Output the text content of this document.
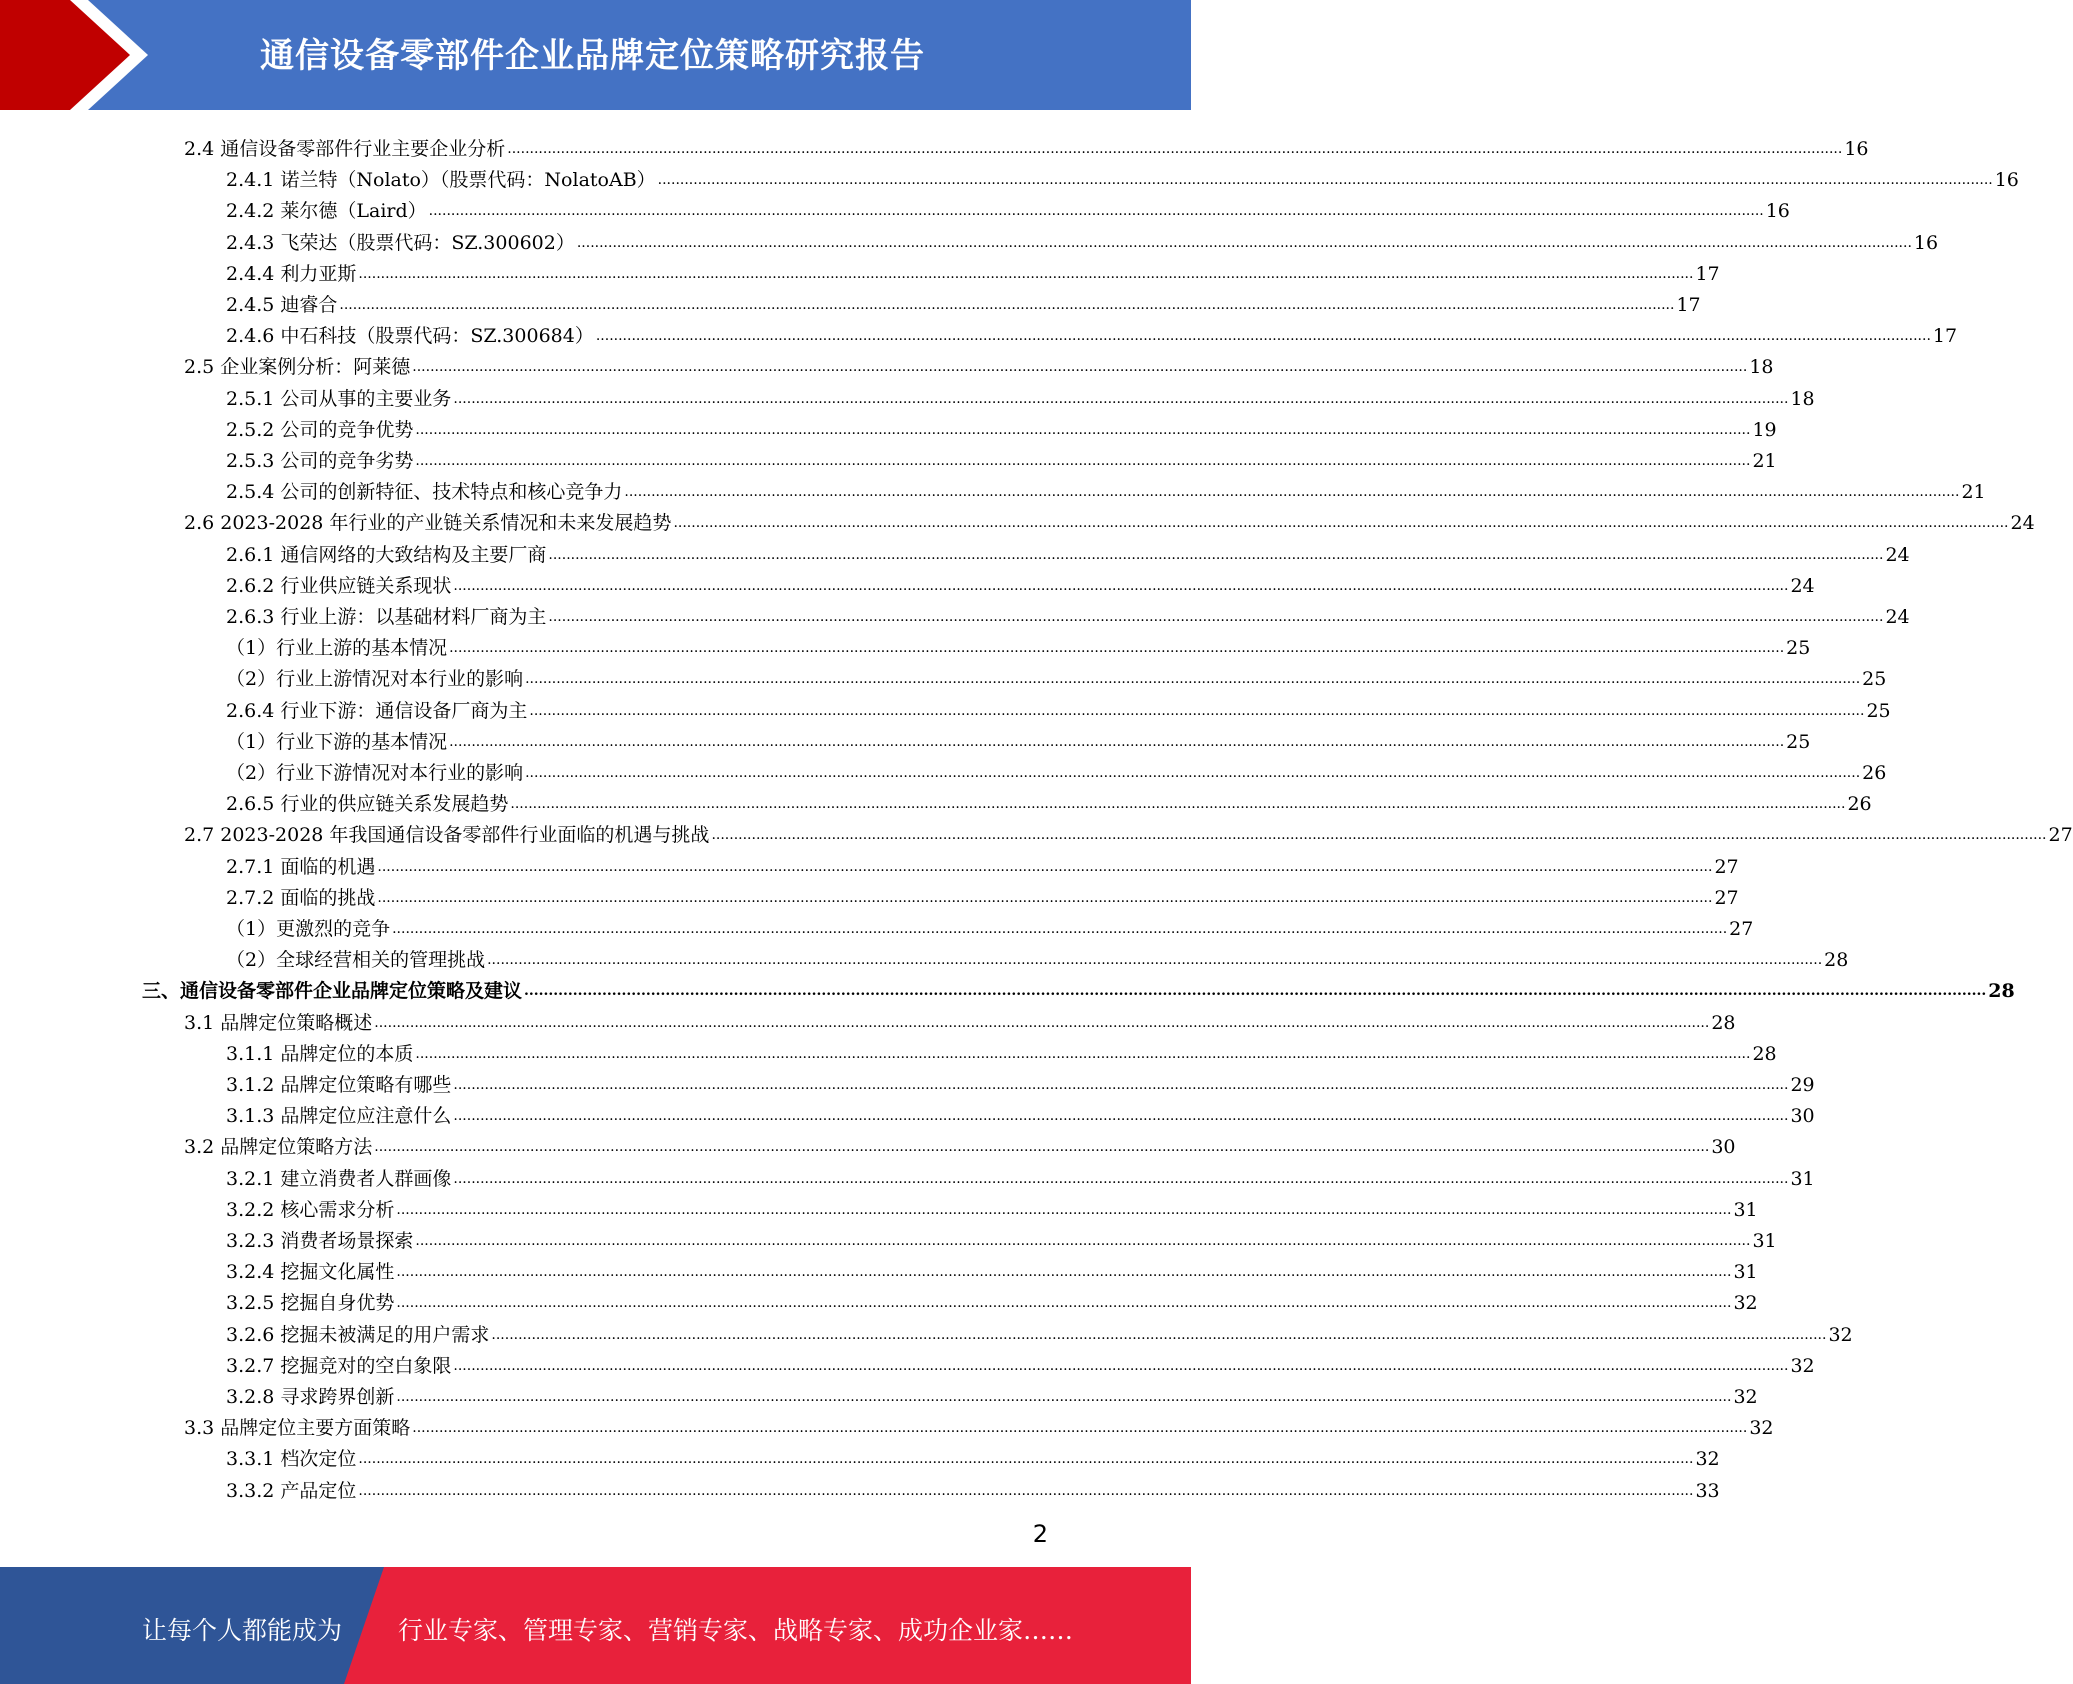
通信设备零部件企业品牌定位策略研究报告
2.4 通信设备零部件行业主要企业分析 ............................................................................................................................................................................................................................................................................................................ 16
2.4.1 诺兰特（Nolato）（股票代码：NolatoAB） ............................................................................................................................................................................................................................................................................................................ 16
2.4.2 莱尔德（Laird） ............................................................................................................................................................................................................................................................................................................ 16
2.4.3 飞荣达（股票代码：SZ.300602） ............................................................................................................................................................................................................................................................................................................ 16
2.4.4 利力亚斯 ............................................................................................................................................................................................................................................................................................................ 17
2.4.5 迪睿合 ............................................................................................................................................................................................................................................................................................................ 17
2.4.6 中石科技（股票代码：SZ.300684） ............................................................................................................................................................................................................................................................................................................ 17
2.5 企业案例分析：阿莱德 ............................................................................................................................................................................................................................................................................................................ 18
2.5.1 公司从事的主要业务 ............................................................................................................................................................................................................................................................................................................ 18
2.5.2 公司的竞争优势 ............................................................................................................................................................................................................................................................................................................ 19
2.5.3 公司的竞争劣势 ............................................................................................................................................................................................................................................................................................................ 21
2.5.4 公司的创新特征、技术特点和核心竞争力 ............................................................................................................................................................................................................................................................................................................ 21
2.6 2023-2028 年行业的产业链关系情况和未来发展趋势 ............................................................................................................................................................................................................................................................................................................ 24
2.6.1 通信网络的大致结构及主要厂商 ............................................................................................................................................................................................................................................................................................................ 24
2.6.2 行业供应链关系现状 ............................................................................................................................................................................................................................................................................................................ 24
2.6.3 行业上游：以基础材料厂商为主 ............................................................................................................................................................................................................................................................................................................ 24
（1）行业上游的基本情况 ............................................................................................................................................................................................................................................................................................................ 25
（2）行业上游情况对本行业的影响 ............................................................................................................................................................................................................................................................................................................ 25
2.6.4 行业下游：通信设备厂商为主 ............................................................................................................................................................................................................................................................................................................ 25
（1）行业下游的基本情况 ............................................................................................................................................................................................................................................................................................................ 25
（2）行业下游情况对本行业的影响 ............................................................................................................................................................................................................................................................................................................ 26
2.6.5 行业的供应链关系发展趋势 ............................................................................................................................................................................................................................................................................................................ 26
2.7 2023-2028 年我国通信设备零部件行业面临的机遇与挑战 ............................................................................................................................................................................................................................................................................................................ 27
2.7.1 面临的机遇 ............................................................................................................................................................................................................................................................................................................ 27
2.7.2 面临的挑战 ............................................................................................................................................................................................................................................................................................................ 27
（1）更激烈的竞争 ............................................................................................................................................................................................................................................................................................................ 27
（2）全球经营相关的管理挑战 ............................................................................................................................................................................................................................................................................................................ 28
三、通信设备零部件企业品牌定位策略及建议 ............................................................................................................................................................................................................................................................................................................ 28
3.1 品牌定位策略概述 ............................................................................................................................................................................................................................................................................................................ 28
3.1.1 品牌定位的本质 ............................................................................................................................................................................................................................................................................................................ 28
3.1.2 品牌定位策略有哪些 ............................................................................................................................................................................................................................................................................................................ 29
3.1.3 品牌定位应注意什么 ............................................................................................................................................................................................................................................................................................................ 30
3.2 品牌定位策略方法 ............................................................................................................................................................................................................................................................................................................ 30
3.2.1 建立消费者人群画像 ............................................................................................................................................................................................................................................................................................................ 31
3.2.2 核心需求分析 ............................................................................................................................................................................................................................................................................................................ 31
3.2.3 消费者场景探索 ............................................................................................................................................................................................................................................................................................................ 31
3.2.4 挖掘文化属性 ............................................................................................................................................................................................................................................................................................................ 31
3.2.5 挖掘自身优势 ............................................................................................................................................................................................................................................................................................................ 32
3.2.6 挖掘未被满足的用户需求 ............................................................................................................................................................................................................................................................................................................ 32
3.2.7 挖掘竞对的空白象限 ............................................................................................................................................................................................................................................................................................................ 32
3.2.8 寻求跨界创新 ............................................................................................................................................................................................................................................................................................................ 32
3.3 品牌定位主要方面策略 ............................................................................................................................................................................................................................................................................................................ 32
3.3.1 档次定位 ............................................................................................................................................................................................................................................................................................................ 32
3.3.2 产品定位 ............................................................................................................................................................................................................................................................................................................ 33
2
让每个人都能成为 行业专家、管理专家、营销专家、战略专家、成功企业家……
